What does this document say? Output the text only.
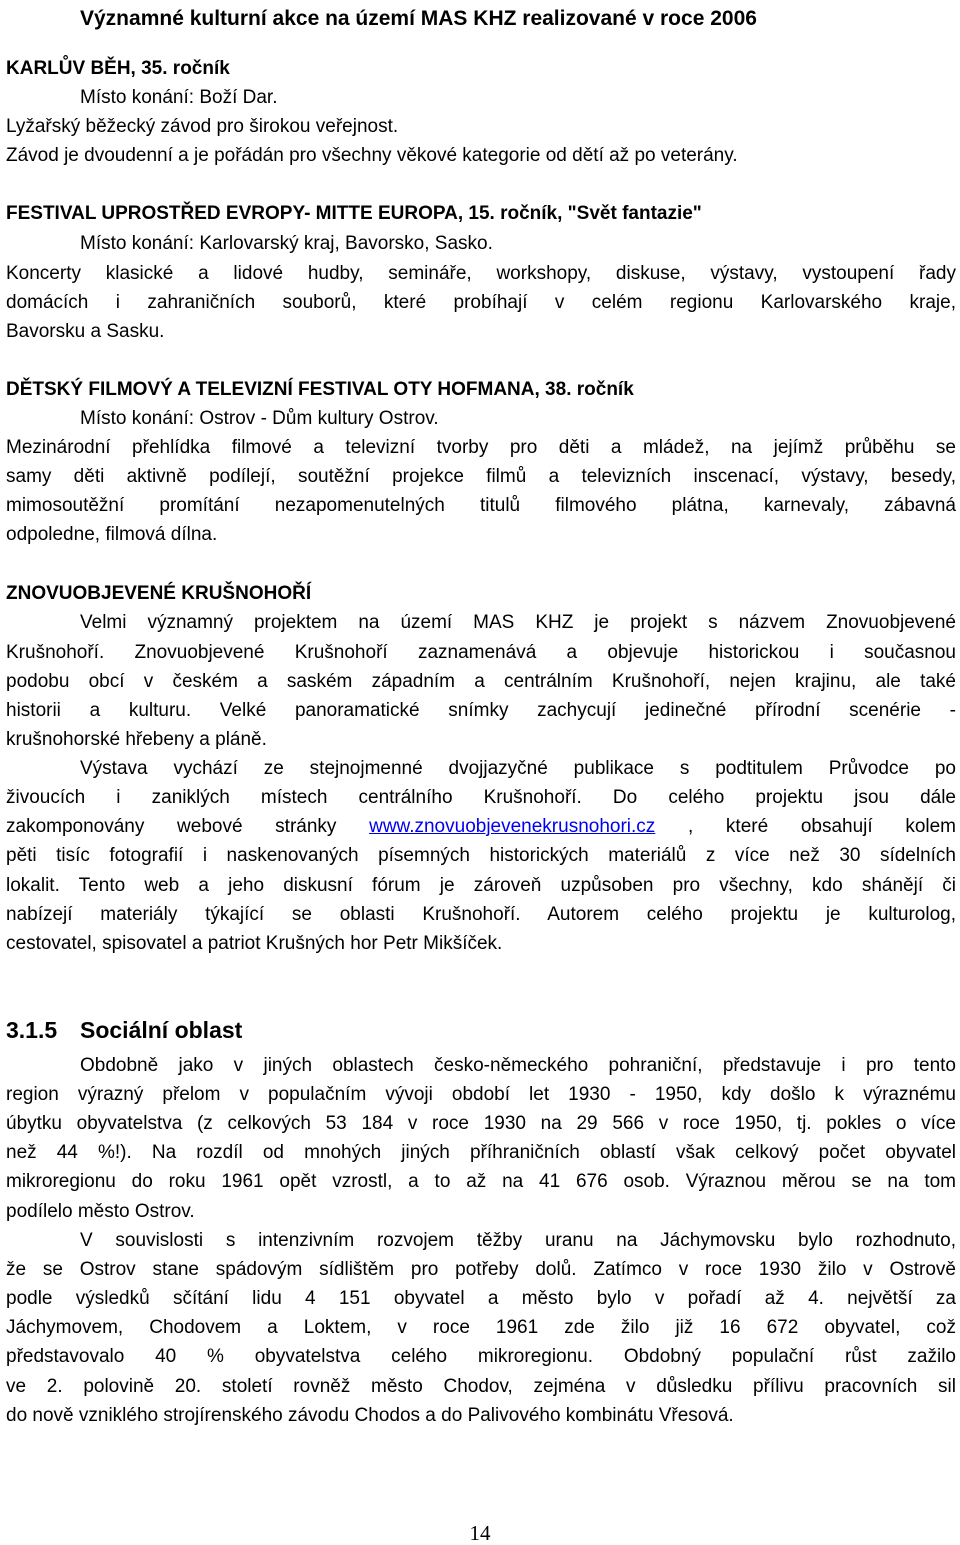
Významné kulturní akce na území MAS KHZ realizované v roce 2006
KARLŮV BĚH, 35. ročník
Místo konání: Boží Dar.
Lyžařský běžecký závod pro širokou veřejnost.
Závod je dvoudenní a je pořádán pro všechny věkové kategorie od dětí až po veterány.
FESTIVAL UPROSTŘED EVROPY- MITTE EUROPA, 15. ročník, "Svět fantazie"
Místo konání: Karlovarský kraj, Bavorsko, Sasko.
Koncerty klasické a lidové hudby, semináře, workshopy, diskuse, výstavy, vystoupení řady
domácích i zahraničních souborů, které probíhají v celém regionu Karlovarského kraje,
Bavorsku a Sasku.
DĚTSKÝ FILMOVÝ A TELEVIZNÍ FESTIVAL OTY HOFMANA, 38. ročník
Místo konání: Ostrov - Dům kultury Ostrov.
Mezinárodní přehlídka filmové a televizní tvorby pro děti a mládež, na jejímž průběhu se
samy děti aktivně podílejí, soutěžní projekce filmů a televizních inscenací, výstavy, besedy,
mimosoutěžní promítání nezapomenutelných titulů filmového plátna, karnevaly, zábavná
odpoledne, filmová dílna.
ZNOVUOBJEVENÉ KRUŠNOHOŘÍ
Velmi významný projektem na území MAS KHZ je projekt s názvem Znovuobjevené
Krušnohoří. Znovuobjevené Krušnohoří zaznamenává a objevuje historickou i současnou
podobu obcí v českém a saském západním a centrálním Krušnohoří, nejen krajinu, ale také
historii a kulturu. Velké panoramatické snímky zachycují jedinečné přírodní scenérie -
krušnohorské hřebeny a pláně.
Výstava vychází ze stejnojmenné dvojjazyčné publikace s podtitulem Průvodce po
živoucích i zaniklých místech centrálního Krušnohoří. Do celého projektu jsou dále
zakomponovány webové stránky www.znovuobjevenekrusnohori.cz , které obsahují kolem
pěti tisíc fotografií i naskenovaných písemných historických materiálů z více než 30 sídelních
lokalit. Tento web a jeho diskusní fórum je zároveň uzpůsoben pro všechny, kdo shánějí či
nabízejí materiály týkající se oblasti Krušnohoří. Autorem celého projektu je kulturolog,
cestovatel, spisovatel a patriot Krušných hor Petr Mikšíček.
3.1.5 Sociální oblast
Obdobně jako v jiných oblastech česko-německého pohraniční, představuje i pro tento
region výrazný přelom v populačním vývoji období let 1930 - 1950, kdy došlo k výraznému
úbytku obyvatelstva (z celkových 53 184 v roce 1930 na 29 566 v roce 1950, tj. pokles o více
než 44 %!). Na rozdíl od mnohých jiných příhraničních oblastí však celkový počet obyvatel
mikroregionu do roku 1961 opět vzrostl, a to až na 41 676 osob. Výraznou měrou se na tom
podílelo město Ostrov.
V souvislosti s intenzivním rozvojem těžby uranu na Jáchymovsku bylo rozhodnuto,
že se Ostrov stane spádovým sídlištěm pro potřeby dolů. Zatímco v roce 1930 žilo v Ostrově
podle výsledků sčítání lidu 4 151 obyvatel a město bylo v pořadí až 4. největší za
Jáchymovem, Chodovem a Loktem, v roce 1961 zde žilo již 16 672 obyvatel, což
představovalo 40 % obyvatelstva celého mikroregionu. Obdobný populační růst zažilo
ve 2. polovině 20. století rovněž město Chodov, zejména v důsledku přílivu pracovních sil
do nově vzniklého strojírenského závodu Chodos a do Palivového kombinátu Vřesová.
14
